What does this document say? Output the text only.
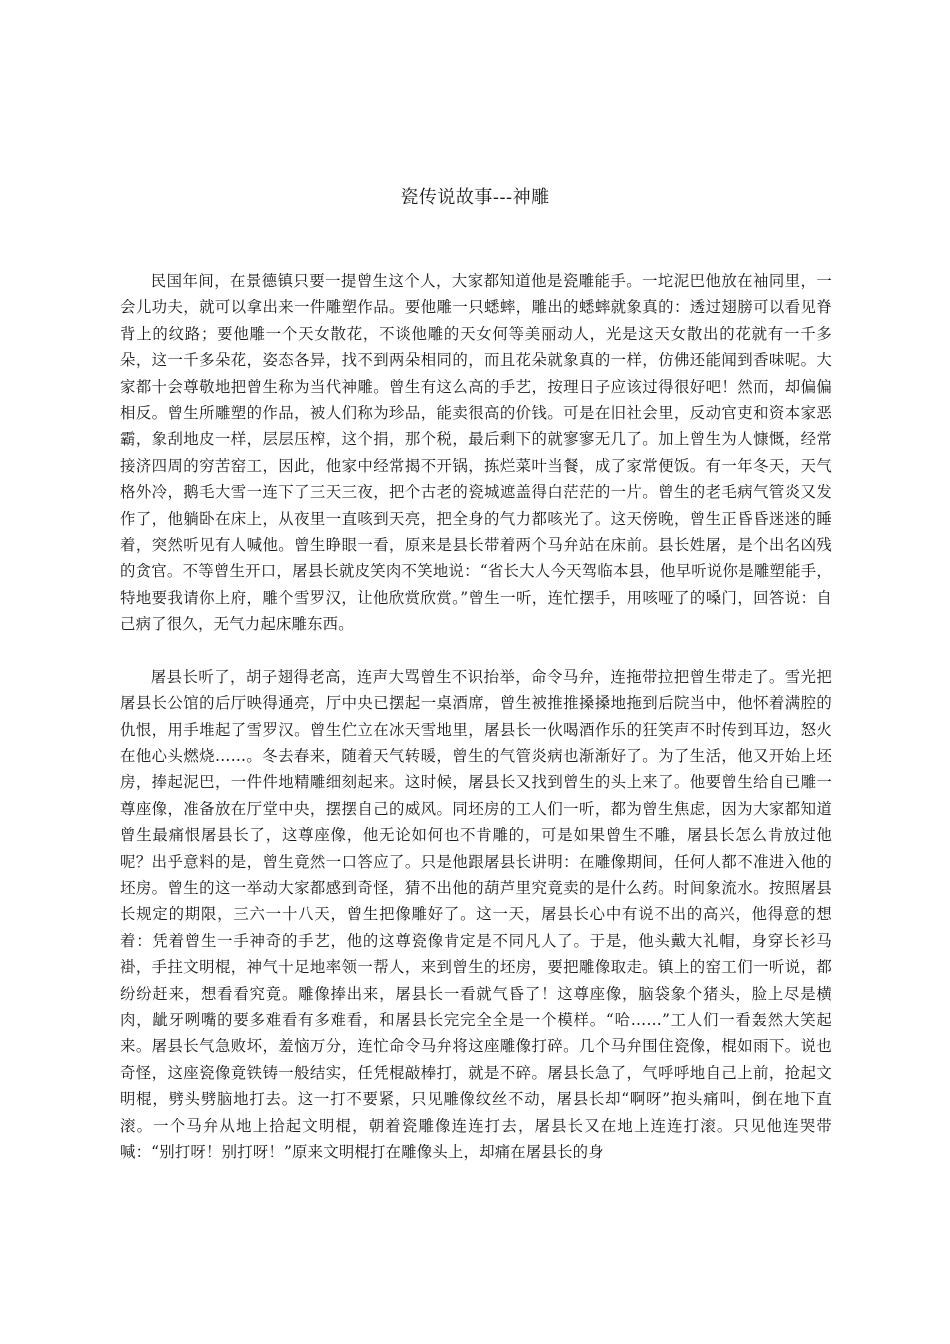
瓷传说故事---神雕

民国年间，在景德镇只要一提曾生这个人，大家都知道他是瓷雕能手。一坨泥巴他放在袖同里，一会儿功夫，就可以拿出来一件雕塑作品。要他雕一只蟋蟀，雕出的蟋蟀就象真的：透过翅膀可以看见脊背上的纹路；要他雕一个天女散花，不谈他雕的天女何等美丽动人，光是这天女散出的花就有一千多朵，这一千多朵花，姿态各异，找不到两朵相同的，而且花朵就象真的一样，仿佛还能闻到香味呢。大家都十会尊敬地把曾生称为当代神雕。曾生有这么高的手艺，按理日子应该过得很好吧！然而，却偏偏相反。曾生所雕塑的作品，被人们称为珍品，能卖很高的价钱。可是在旧社会里，反动官吏和资本家恶霸，象刮地皮一样，层层压榨，这个捐，那个税，最后剩下的就寥寥无几了。加上曾生为人慷慨，经常接济四周的穷苦窑工，因此，他家中经常揭不开锅，拣烂菜叶当餐，成了家常便饭。有一年冬天，天气格外冷，鹅毛大雪一连下了三天三夜，把个古老的瓷城遮盖得白茫茫的一片。曾生的老毛病气管炎又发作了，他躺卧在床上，从夜里一直咳到天亮，把全身的气力都咳光了。这天傍晚，曾生正昏昏迷迷的睡着，突然听见有人喊他。曾生睁眼一看，原来是县长带着两个马弁站在床前。县长姓屠，是个出名凶残的贪官。不等曾生开口，屠县长就皮笑肉不笑地说：“省长大人今天驾临本县，他早听说你是雕塑能手，特地要我请你上府，雕个雪罗汉，让他欣赏欣赏。”曾生一听，连忙摆手，用咳哑了的嗓门，回答说：自己病了很久，无气力起床雕东西。

屠县长听了，胡子翅得老高，连声大骂曾生不识抬举，命令马弁，连拖带拉把曾生带走了。雪光把屠县长公馆的后厅映得通亮，厅中央已摆起一桌酒席，曾生被推推搡搡地拖到后院当中，他怀着满腔的仇恨，用手堆起了雪罗汉。曾生伫立在冰天雪地里，屠县长一伙喝酒作乐的狂笑声不时传到耳边，怒火在他心头燃烧……。冬去春来，随着天气转暖，曾生的气管炎病也渐渐好了。为了生活，他又开始上坯房，捧起泥巴，一件件地精雕细刻起来。这时候，屠县长又找到曾生的头上来了。他要曾生给自已雕一尊座像，准备放在厅堂中央，摆摆自己的威风。同坯房的工人们一听，都为曾生焦虑，因为大家都知道曾生最痛恨屠县长了，这尊座像，他无论如何也不肯雕的，可是如果曾生不雕，屠县长怎么肯放过他呢？出乎意料的是，曾生竟然一口答应了。只是他跟屠县长讲明：在雕像期间，任何人都不准进入他的坯房。曾生的这一举动大家都感到奇怪，猜不出他的葫芦里究竟卖的是什么药。时间象流水。按照屠县长规定的期限，三六一十八天，曾生把像雕好了。这一天，屠县长心中有说不出的高兴，他得意的想着：凭着曾生一手神奇的手艺，他的这尊瓷像肯定是不同凡人了。于是，他头戴大礼帽，身穿长衫马褂，手拄文明棍，神气十足地率领一帮人，来到曾生的坯房，要把雕像取走。镇上的窑工们一听说，都纷纷赶来，想看看究竟。雕像捧出来，屠县长一看就气昏了！这尊座像，脑袋象个猪头，脸上尽是横肉，龇牙咧嘴的要多难看有多难看，和屠县长完完全全是一个模样。“哈……”工人们一看轰然大笑起来。屠县长气急败坏，羞恼万分，连忙命令马弁将这座雕像打碎。几个马弁围住瓷像，棍如雨下。说也奇怪，这座瓷像竟铁铸一般结实，任凭棍敲棒打，就是不碎。屠县长急了，气呼呼地自己上前，抢起文明棍，劈头劈脑地打去。这一打不要紧，只见雕像纹丝不动，屠县长却“啊呀”抱头痛叫，倒在地下直滚。一个马弁从地上拾起文明棍，朝着瓷雕像连连打去，屠县长又在地上连连打滚。只见他连哭带喊：“别打呀！别打呀！”原来文明棍打在雕像头上，却痛在屠县长的身
